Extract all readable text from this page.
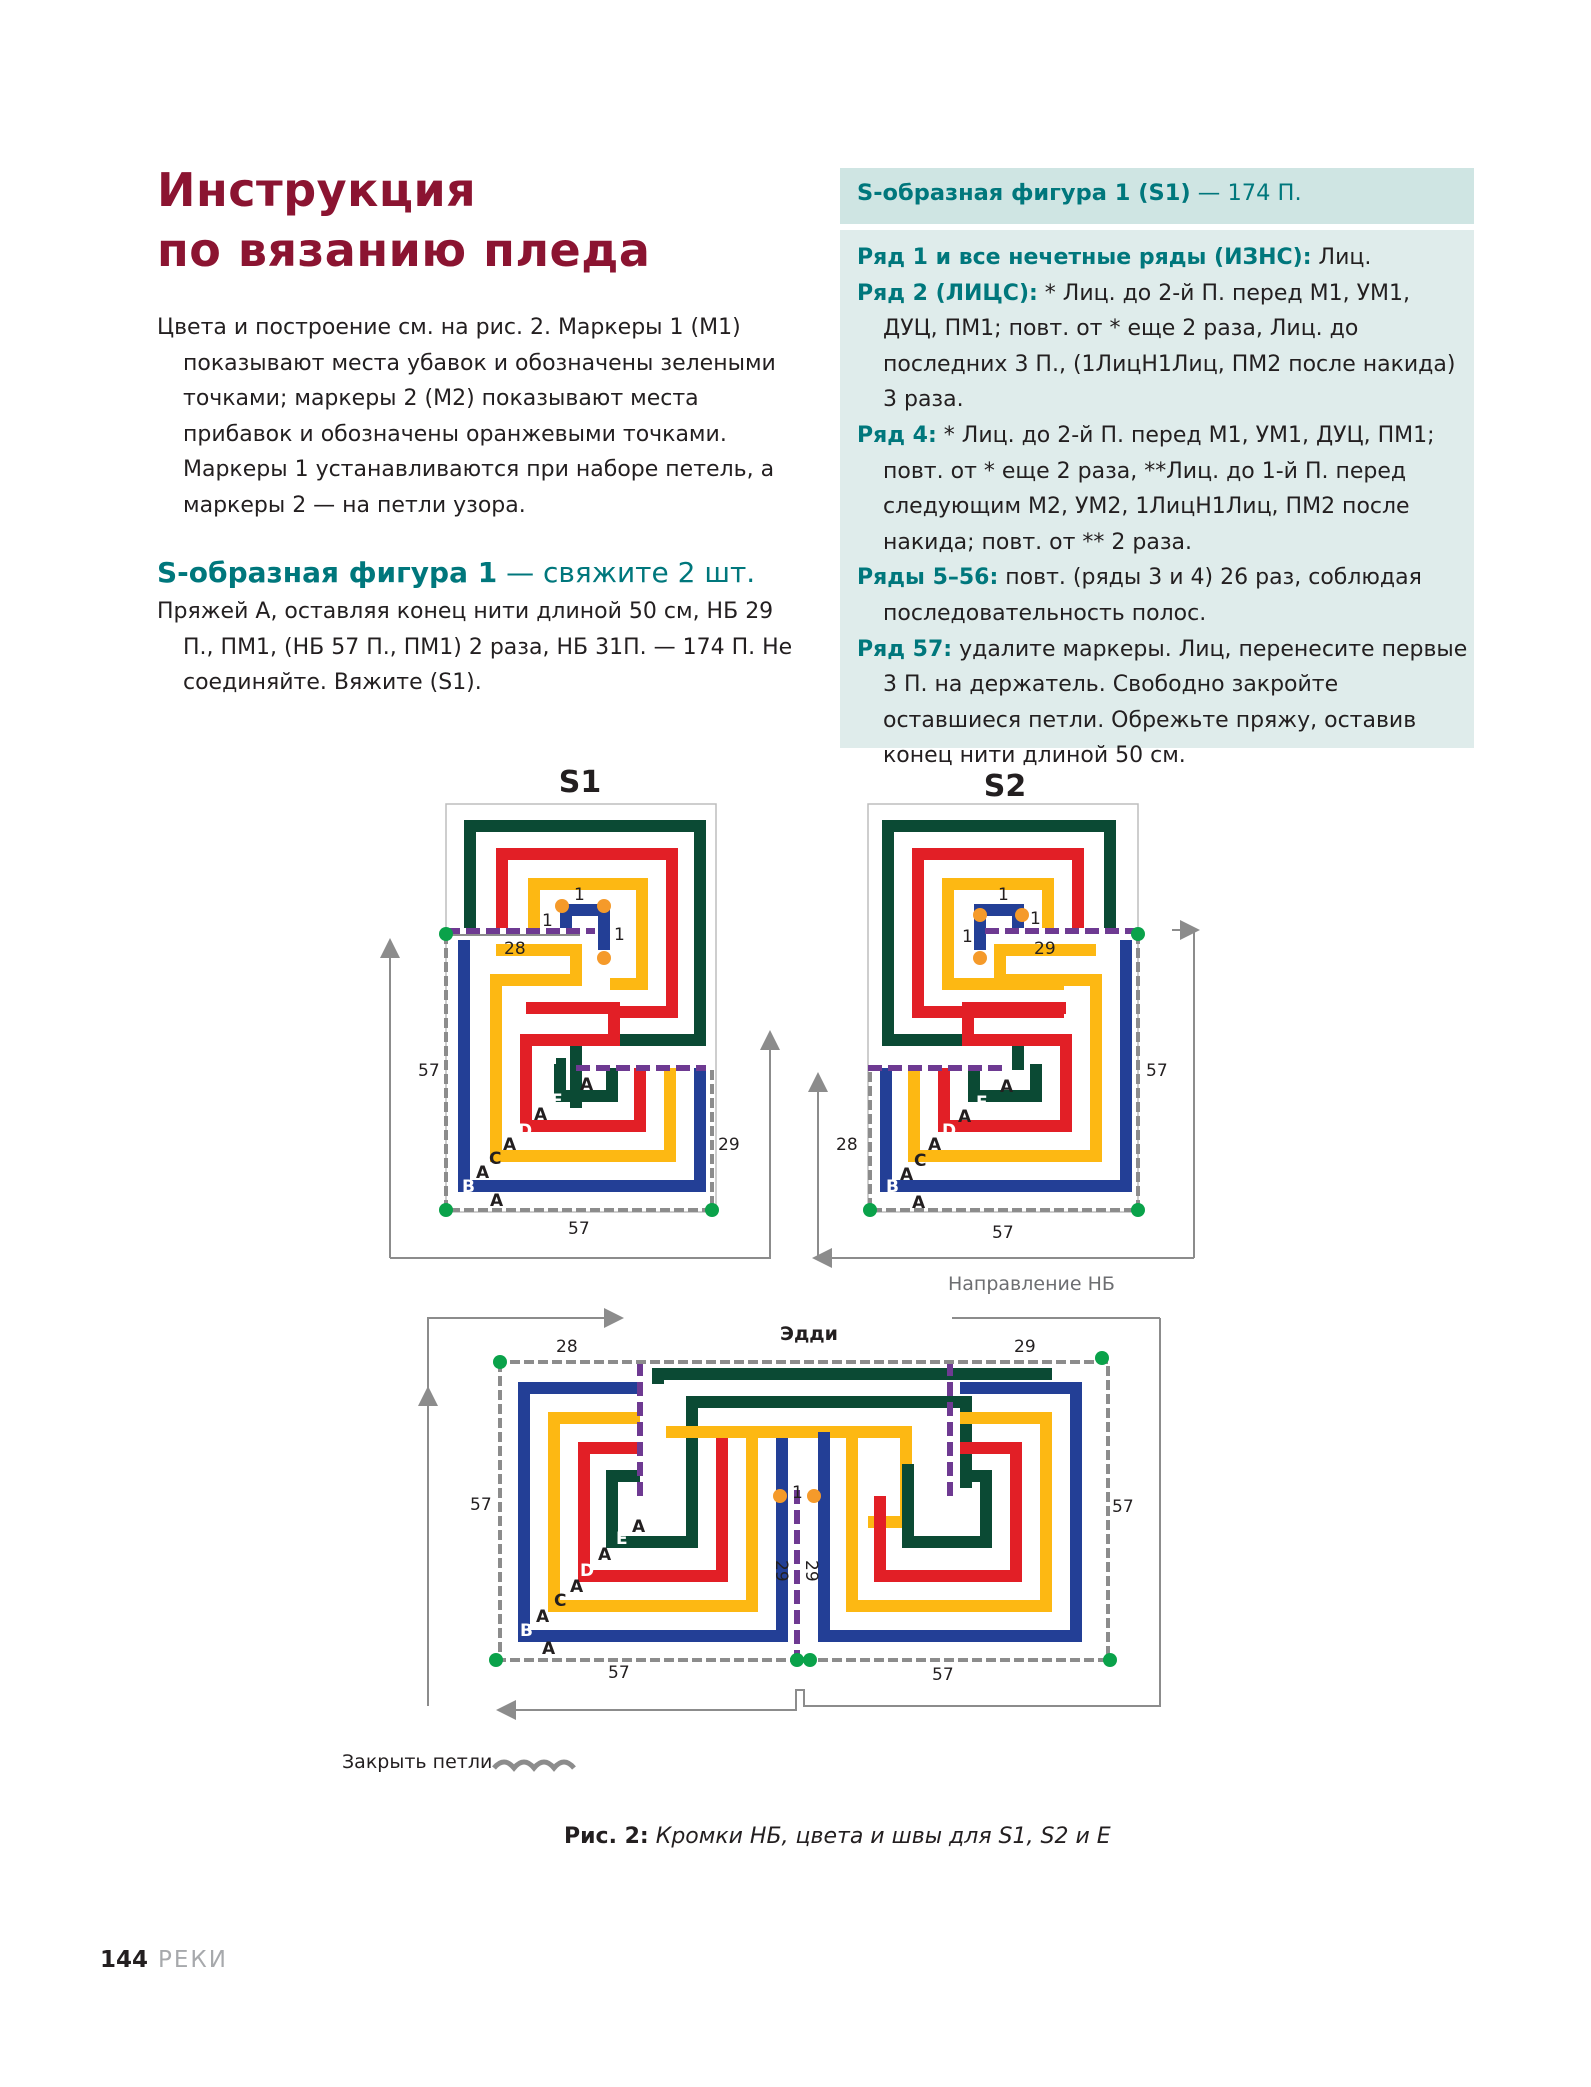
Инструкция
по вязанию пледа

Цвета и построение см. на рис. 2. Маркеры 1 (М1) показывают места убавок и обозначены зелеными точками; маркеры 2 (М2) показывают места прибавок и обозначены оранжевыми точками. Маркеры 1 устанавливаются при наборе петель, а маркеры 2 — на петли узора.

S-образная фигура 1 — свяжите 2 шт.

Пряжей А, оставляя конец нити длиной 50 см, НБ 29 П., ПМ1, (НБ 57 П., ПМ1) 2 раза, НБ 31П. — 174 П. Не соединяйте. Вяжите (S1).

S-образная фигура 1 (S1) — 174 П.

Ряд 1 и все нечетные ряды (ИЗНС): Лиц.

Ряд 2 (ЛИЦС): * Лиц. до 2-й П. перед М1, УМ1, ДУЦ, ПМ1; повт. от * еще 2 раза, Лиц. до последних 3 П., (1ЛицН1Лиц, ПМ2 после накида) 3 раза.

Ряд 4: * Лиц. до 2-й П. перед М1, УМ1, ДУЦ, ПМ1; повт. от * еще 2 раза, **Лиц. до 1-й П. перед следующим М2, УМ2, 1ЛицН1Лиц, ПМ2 после накида; повт. от ** 2 раза.

Ряды 5–56: повт. (ряды 3 и 4) 26 раз, соблюдая последовательность полос.

Ряд 57: удалите маркеры. Лиц, перенесите первые 3 П. на держатель. Свободно закройте оставшиеся петли. Обрежьте пряжу, оставив конец нити длиной 50 см.

S1
1
1
1
28
57
29
57
A
E
A
D
A
C
A
B
A
S2
1
1
1
29
57
28
57
A
E
A
D
A
C
A
B
A
Направление НБ
Эдди
28	29
57	57
57	57
1
29 29
A
E
A
D
A
C
A
B
A
Закрыть петли

Рис. 2: Кромки НБ, цвета и швы для S1, S2 и E

144 РЕКИ
